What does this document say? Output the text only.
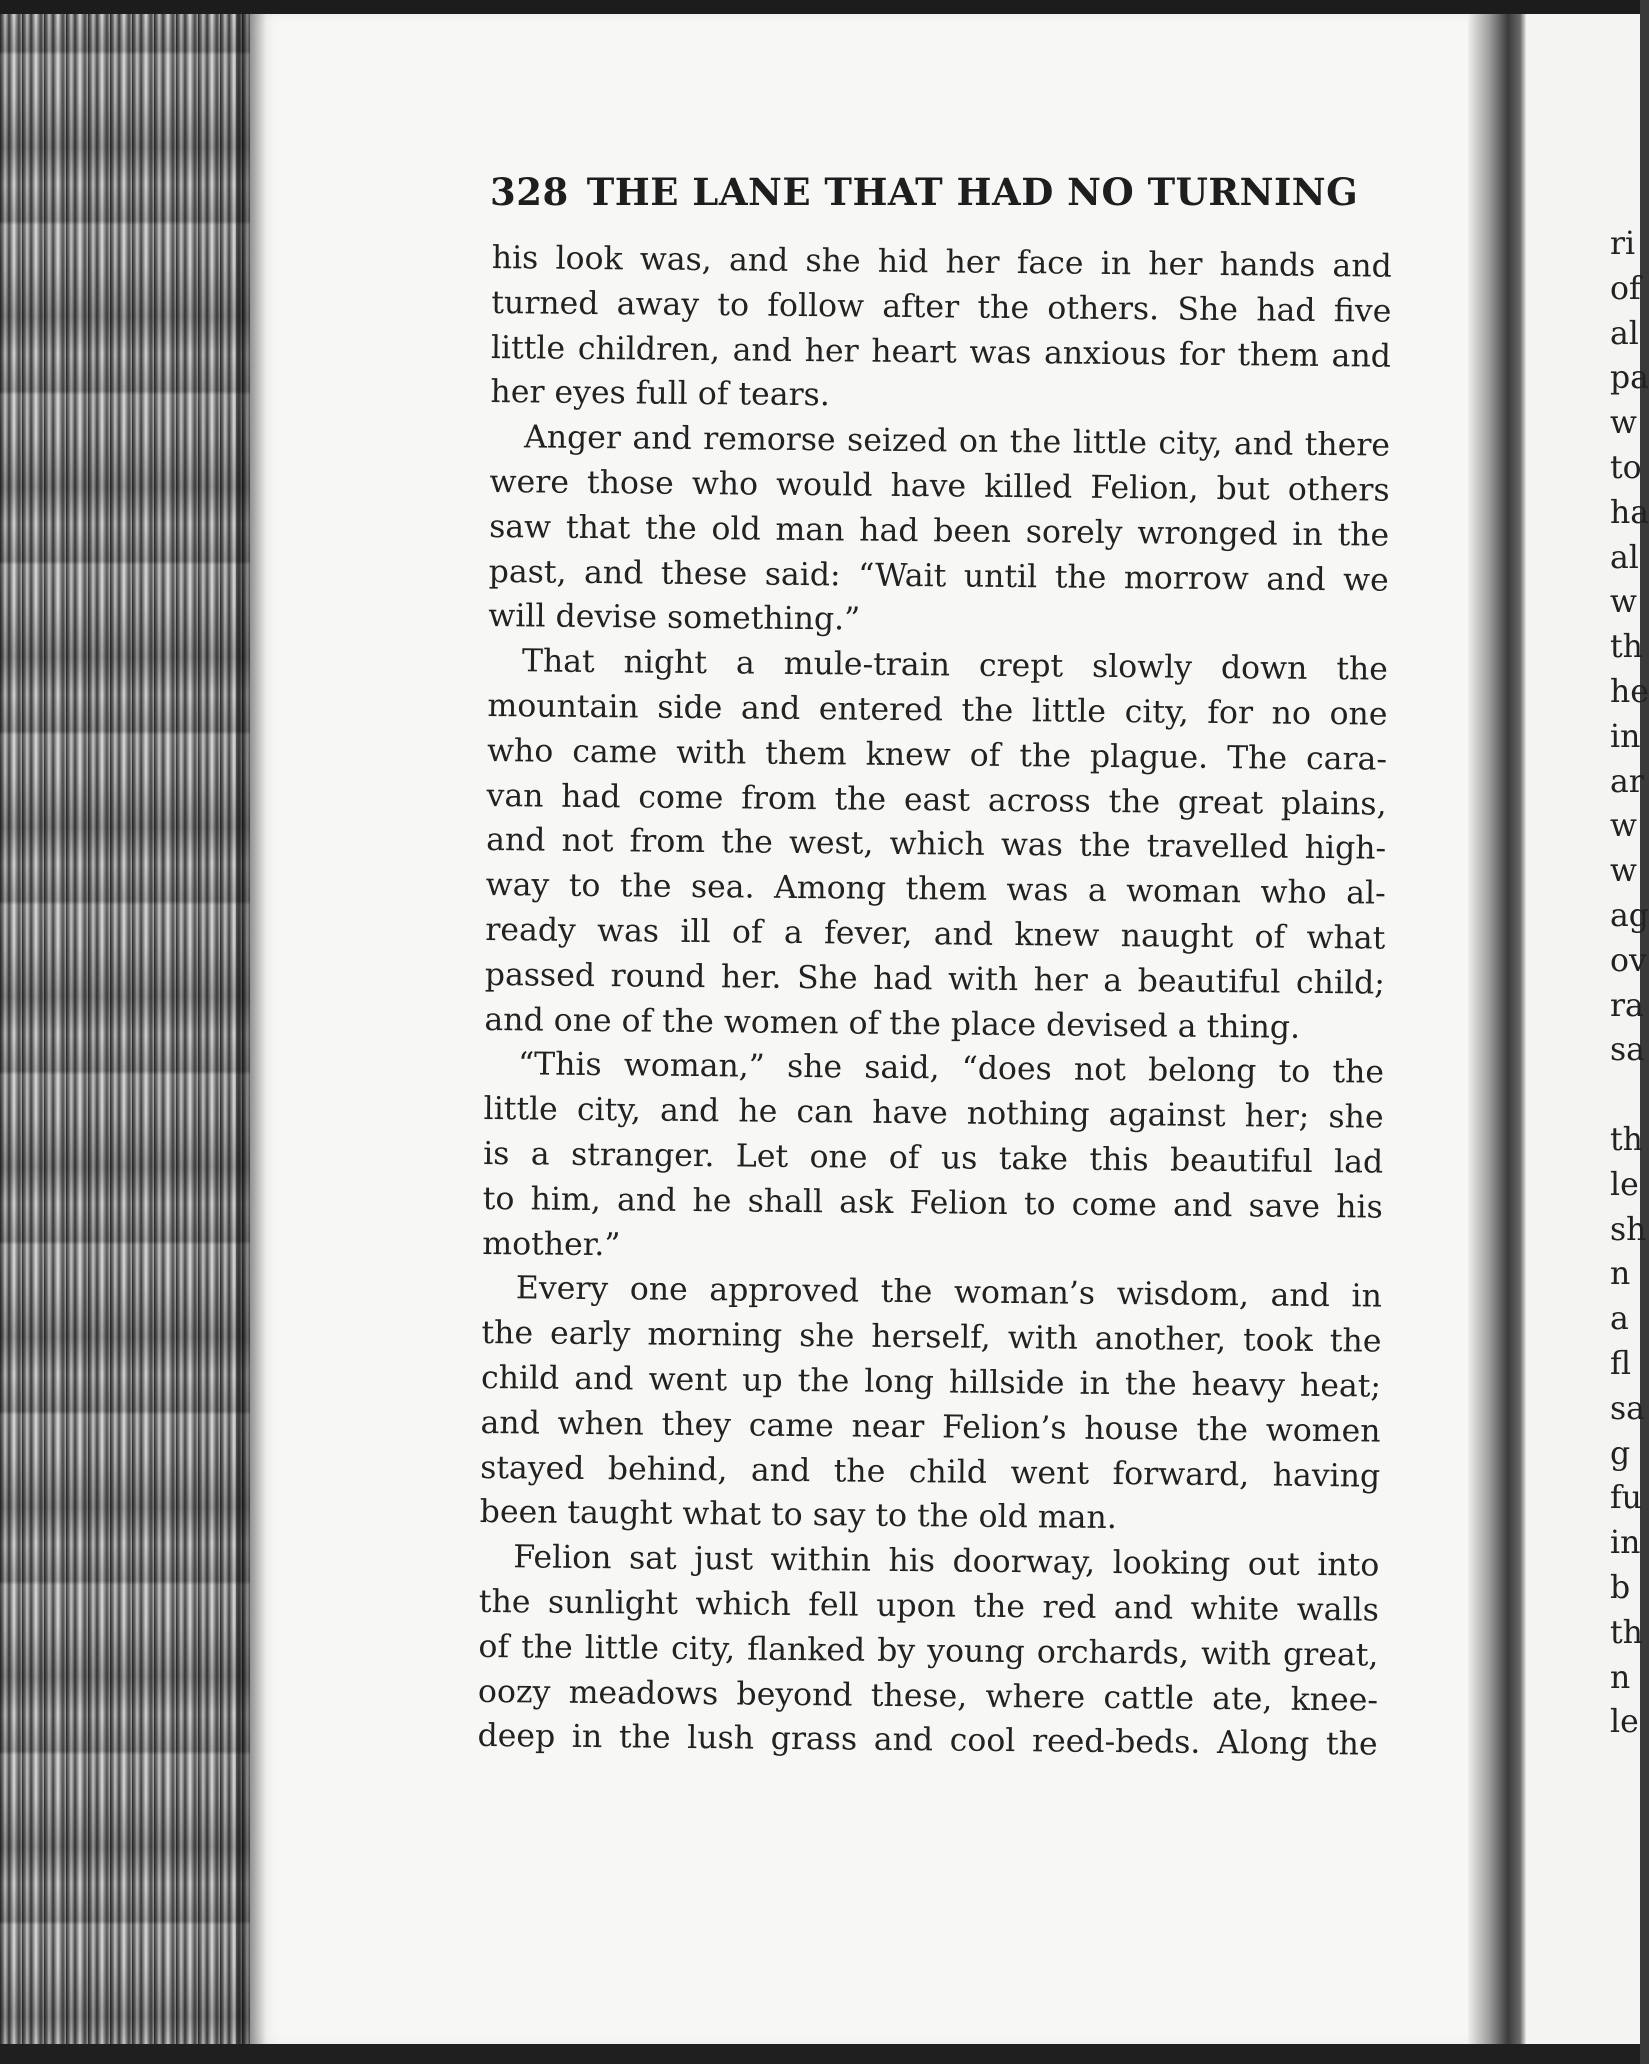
328 THE LANE THAT HAD NO TURNING
his look was, and she hid her face in her hands and
turned away to follow after the others. She had five
little children, and her heart was anxious for them and
her eyes full of tears.
Anger and remorse seized on the little city, and there
were those who would have killed Felion, but others
saw that the old man had been sorely wronged in the
past, and these said: “Wait until the morrow and we
will devise something.”
That night a mule-train crept slowly down the
mountain side and entered the little city, for no one
who came with them knew of the plague. The cara-
van had come from the east across the great plains,
and not from the west, which was the travelled high-
way to the sea. Among them was a woman who al-
ready was ill of a fever, and knew naught of what
passed round her. She had with her a beautiful child;
and one of the women of the place devised a thing.
“This woman,” she said, “does not belong to the
little city, and he can have nothing against her; she
is a stranger. Let one of us take this beautiful lad
to him, and he shall ask Felion to come and save his
mother.”
Every one approved the woman’s wisdom, and in
the early morning she herself, with another, took the
child and went up the long hillside in the heavy heat;
and when they came near Felion’s house the women
stayed behind, and the child went forward, having
been taught what to say to the old man.
Felion sat just within his doorway, looking out into
the sunlight which fell upon the red and white walls
of the little city, flanked by young orchards, with great,
oozy meadows beyond these, where cattle ate, knee-
deep in the lush grass and cool reed-beds. Along the
ri
of
al
pa
w
to
ha
al
w
th
he
in
ar
w
w
ag
ov
ra
sa
th
le
sh
n
a
fl
sa
g
fu
in
b
th
n
le
